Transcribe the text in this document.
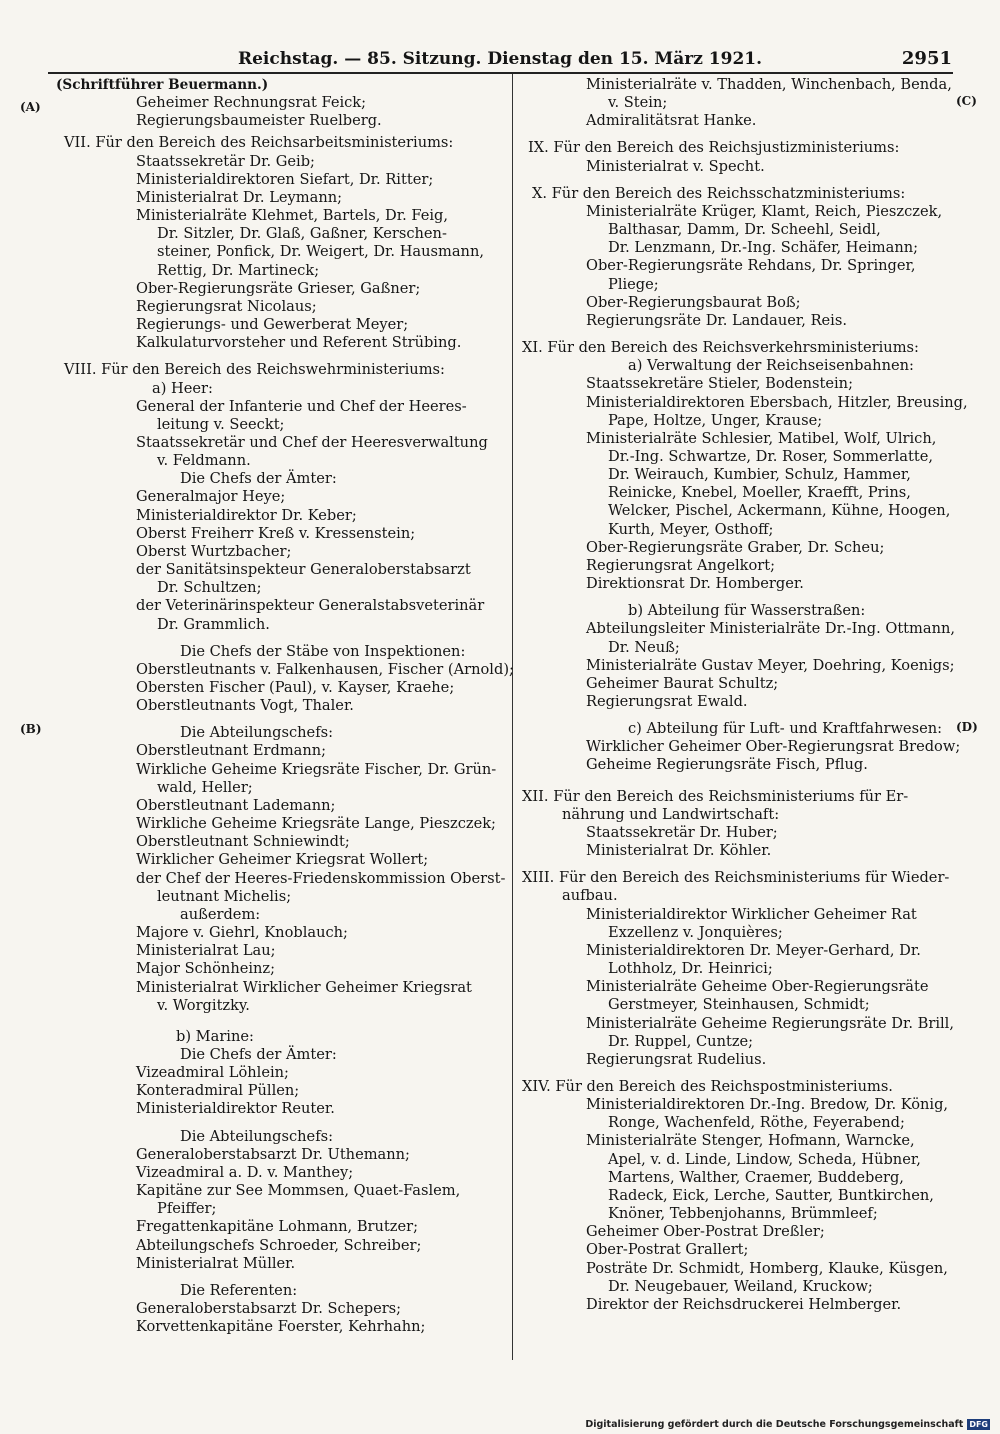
Reichstag. — 85. Sitzung. Dienstag den 15. März 1921.	2951
(A)
(B)
(C)
(D)
(Schriftführer Beuermann.)
Geheimer Rechnungsrat Feick;
Regierungsbaumeister Ruelberg.
VII. Für den Bereich des Reichsarbeitsministeriums:
Staatssekretär Dr. Geib;
Ministerialdirektoren Siefart, Dr. Ritter;
Ministerialrat Dr. Leymann;
Ministerialräte Klehmet, Bartels, Dr. Feig,
Dr. Sitzler, Dr. Glaß, Gaßner, Kerschen-
steiner, Ponfick, Dr. Weigert, Dr. Hausmann,
Rettig, Dr. Martineck;
Ober-Regierungsräte Grieser, Gaßner;
Regierungsrat Nicolaus;
Regierungs- und Gewerberat Meyer;
Kalkulaturvorsteher und Referent Strübing.
VIII. Für den Bereich des Reichswehrministeriums:
a) Heer:
General der Infanterie und Chef der Heeres-
leitung v. Seeckt;
Staatssekretär und Chef der Heeresverwaltung
v. Feldmann.
Die Chefs der Ämter:
Generalmajor Heye;
Ministerialdirektor Dr. Keber;
Oberst Freiherr Kreß v. Kressenstein;
Oberst Wurtzbacher;
der Sanitätsinspekteur Generaloberstabsarzt
Dr. Schultzen;
der Veterinärinspekteur Generalstabsveterinär
Dr. Grammlich.
Die Chefs der Stäbe von Inspektionen:
Oberstleutnants v. Falkenhausen, Fischer (Arnold);
Obersten Fischer (Paul), v. Kayser, Kraehe;
Oberstleutnants Vogt, Thaler.
Die Abteilungschefs:
Oberstleutnant Erdmann;
Wirkliche Geheime Kriegsräte Fischer, Dr. Grün-
wald, Heller;
Oberstleutnant Lademann;
Wirkliche Geheime Kriegsräte Lange, Pieszczek;
Oberstleutnant Schniewindt;
Wirklicher Geheimer Kriegsrat Wollert;
der Chef der Heeres-Friedenskommission Oberst-
leutnant Michelis;
außerdem:
Majore v. Giehrl, Knoblauch;
Ministerialrat Lau;
Major Schönheinz;
Ministerialrat Wirklicher Geheimer Kriegsrat
v. Worgitzky.
b) Marine:
Die Chefs der Ämter:
Vizeadmiral Löhlein;
Konteradmiral Püllen;
Ministerialdirektor Reuter.
Die Abteilungschefs:
Generaloberstabsarzt Dr. Uthemann;
Vizeadmiral a. D. v. Manthey;
Kapitäne zur See Mommsen, Quaet-Faslem,
Pfeiffer;
Fregattenkapitäne Lohmann, Brutzer;
Abteilungschefs Schroeder, Schreiber;
Ministerialrat Müller.
Die Referenten:
Generaloberstabsarzt Dr. Schepers;
Korvettenkapitäne Foerster, Kehrhahn;
Ministerialräte v. Thadden, Winchenbach, Benda,
v. Stein;
Admiralitätsrat Hanke.
IX. Für den Bereich des Reichsjustizministeriums:
Ministerialrat v. Specht.
X. Für den Bereich des Reichsschatzministeriums:
Ministerialräte Krüger, Klamt, Reich, Pieszczek,
Balthasar, Damm, Dr. Scheehl, Seidl,
Dr. Lenzmann, Dr.-Ing. Schäfer, Heimann;
Ober-Regierungsräte Rehdans, Dr. Springer,
Pliege;
Ober-Regierungsbaurat Boß;
Regierungsräte Dr. Landauer, Reis.
XI. Für den Bereich des Reichsverkehrsministeriums:
a) Verwaltung der Reichseisenbahnen:
Staatssekretäre Stieler, Bodenstein;
Ministerialdirektoren Ebersbach, Hitzler, Breusing,
Pape, Holtze, Unger, Krause;
Ministerialräte Schlesier, Matibel, Wolf, Ulrich,
Dr.-Ing. Schwartze, Dr. Roser, Sommerlatte,
Dr. Weirauch, Kumbier, Schulz, Hammer,
Reinicke, Knebel, Moeller, Kraefft, Prins,
Welcker, Pischel, Ackermann, Kühne, Hoogen,
Kurth, Meyer, Osthoff;
Ober-Regierungsräte Graber, Dr. Scheu;
Regierungsrat Angelkort;
Direktionsrat Dr. Homberger.
b) Abteilung für Wasserstraßen:
Abteilungsleiter Ministerialräte Dr.-Ing. Ottmann,
Dr. Neuß;
Ministerialräte Gustav Meyer, Doehring, Koenigs;
Geheimer Baurat Schultz;
Regierungsrat Ewald.
c) Abteilung für Luft- und Kraftfahrwesen:
Wirklicher Geheimer Ober-Regierungsrat Bredow;
Geheime Regierungsräte Fisch, Pflug.
XII. Für den Bereich des Reichsministeriums für Er-
nährung und Landwirtschaft:
Staatssekretär Dr. Huber;
Ministerialrat Dr. Köhler.
XIII. Für den Bereich des Reichsministeriums für Wieder-
aufbau.
Ministerialdirektor Wirklicher Geheimer Rat
Exzellenz v. Jonquières;
Ministerialdirektoren Dr. Meyer-Gerhard, Dr.
Lothholz, Dr. Heinrici;
Ministerialräte Geheime Ober-Regierungsräte
Gerstmeyer, Steinhausen, Schmidt;
Ministerialräte Geheime Regierungsräte Dr. Brill,
Dr. Ruppel, Cuntze;
Regierungsrat Rudelius.
XIV. Für den Bereich des Reichspostministeriums.
Ministerialdirektoren Dr.-Ing. Bredow, Dr. König,
Ronge, Wachenfeld, Röthe, Feyerabend;
Ministerialräte Stenger, Hofmann, Warncke,
Apel, v. d. Linde, Lindow, Scheda, Hübner,
Martens, Walther, Craemer, Buddeberg,
Radeck, Eick, Lerche, Sautter, Buntkirchen,
Knöner, Tebbenjohanns, Brümmleef;
Geheimer Ober-Postrat Dreßler;
Ober-Postrat Grallert;
Posträte Dr. Schmidt, Homberg, Klauke, Küsgen,
Dr. Neugebauer, Weiland, Kruckow;
Direktor der Reichsdruckerei Helmberger.
Digitalisierung gefördert durch die Deutsche Forschungsgemeinschaft DFG
